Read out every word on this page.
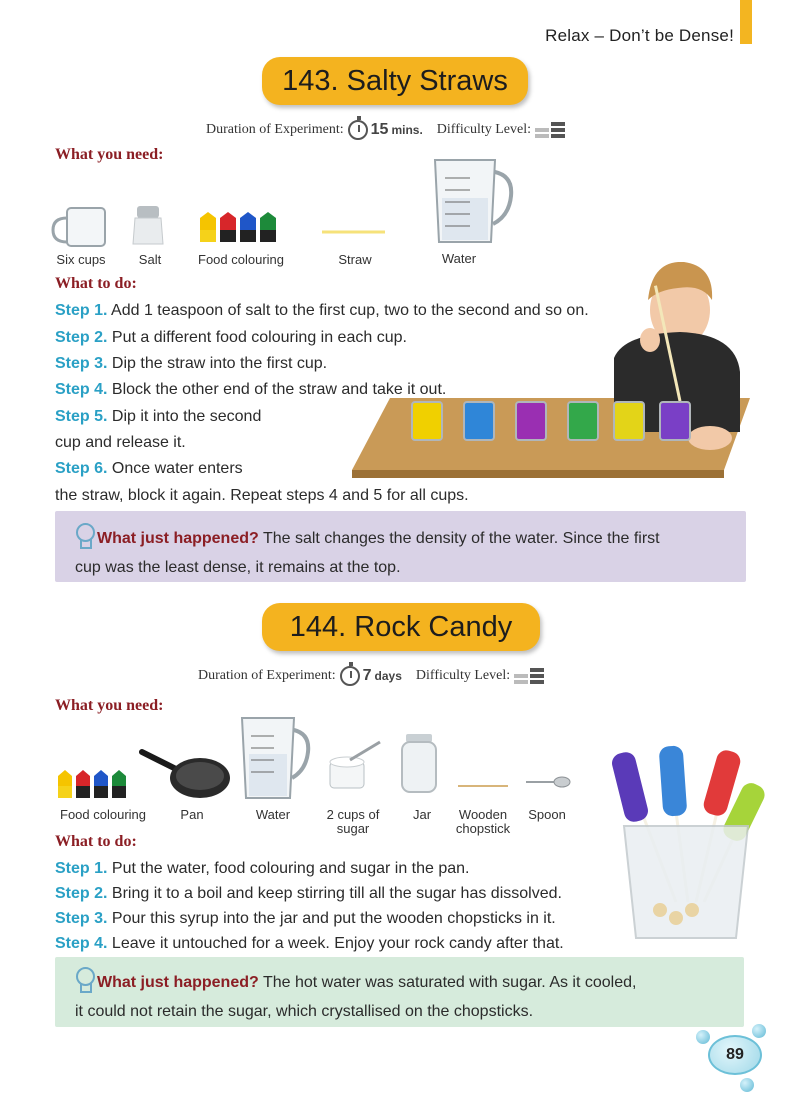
Relax – Don’t be Dense!
143. Salty Straws
Duration of Experiment: 15 mins. Difficulty Level:
What you need:
Six cups	Salt	Food colouring	Straw	Water
What to do:
Step 1. Add 1 teaspoon of salt to the first cup, two to the second and so on.
Step 2. Put a different food colouring in each cup.
Step 3. Dip the straw into the first cup.
Step 4. Block the other end of the straw and take it out.
Step 5. Dip it into the second
cup and release it.
Step 6. Once water enters
the straw, block it again. Repeat steps 4 and 5 for all cups.
What just happened? The salt changes the density of the water. Since the first
cup was the least dense, it remains at the top.
144. Rock Candy
Duration of Experiment: 7 days Difficulty Level:
What you need:
Food colouring	Pan	Water	2 cups of
sugar
Jar	Wooden
chopstick
Spoon
What to do:
Step 1. Put the water, food colouring and sugar in the pan.
Step 2. Bring it to a boil and keep stirring till all the sugar has dissolved.
Step 3. Pour this syrup into the jar and put the wooden chopsticks in it.
Step 4. Leave it untouched for a week. Enjoy your rock candy after that.
What just happened? The hot water was saturated with sugar. As it cooled,
it could not retain the sugar, which crystallised on the chopsticks.
89
